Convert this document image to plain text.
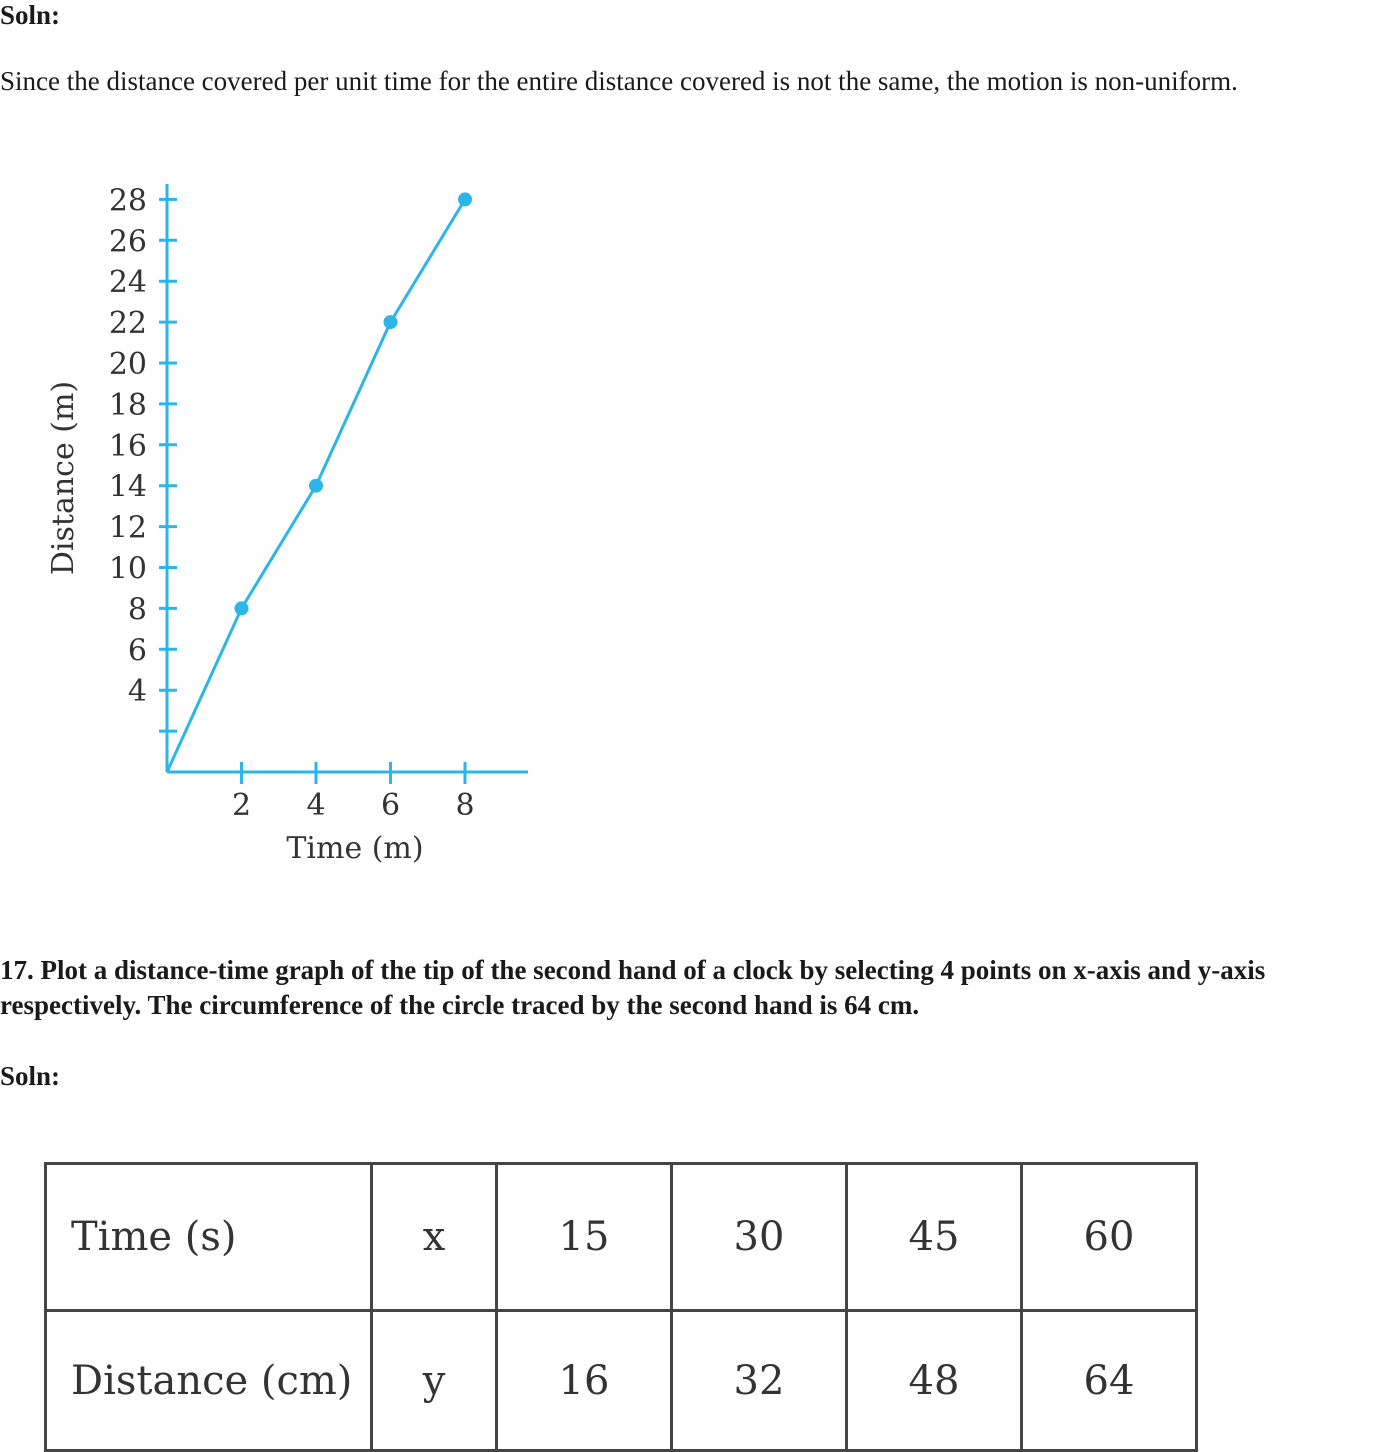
Soln:
Since the distance covered per unit time for the entire distance covered is not the same, the motion is non-uniform.
4
6
8
10
12
14
16
18
20
22
24
26
28
2 4 6 8
Time (m)
Distance (m)
17. Plot a distance-time graph of the tip of the second hand of a clock by selecting 4 points on x-axis and y-axis respectively. The circumference of the circle traced by the second hand is 64 cm.
Soln:
Time (s)	x	15	30	45	60
Distance (cm)	y	16	32	48	64
